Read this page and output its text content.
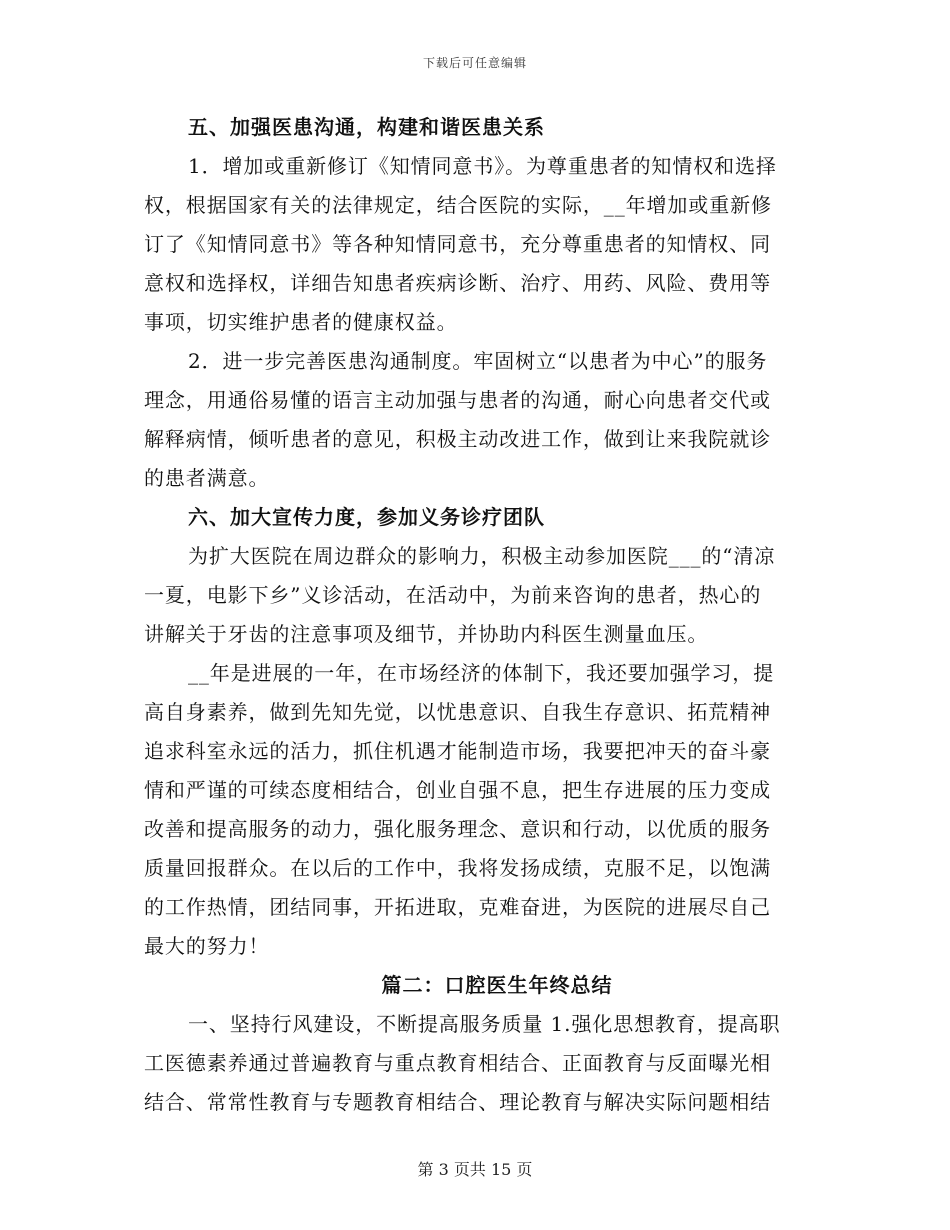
下载后可任意编辑
五、加强医患沟通，构建和谐医患关系
1．增加或重新修订《知情同意书》。为尊重患者的知情权和选择
权，根据国家有关的法律规定，结合医院的实际，__年增加或重新修
订了《知情同意书》等各种知情同意书，充分尊重患者的知情权、同
意权和选择权，详细告知患者疾病诊断、治疗、用药、风险、费用等
事项，切实维护患者的健康权益。
2．进一步完善医患沟通制度。牢固树立“以患者为中心”的服务
理念，用通俗易懂的语言主动加强与患者的沟通，耐心向患者交代或
解释病情，倾听患者的意见，积极主动改进工作，做到让来我院就诊
的患者满意。
六、加大宣传力度，参加义务诊疗团队
为扩大医院在周边群众的影响力，积极主动参加医院___的“清凉
一夏，电影下乡”义诊活动，在活动中，为前来咨询的患者，热心的
讲解关于牙齿的注意事项及细节，并协助内科医生测量血压。
__年是进展的一年，在市场经济的体制下，我还要加强学习，提
高自身素养，做到先知先觉，以忧患意识、自我生存意识、拓荒精神
追求科室永远的活力，抓住机遇才能制造市场，我要把冲天的奋斗豪
情和严谨的可续态度相结合，创业自强不息，把生存进展的压力变成
改善和提高服务的动力，强化服务理念、意识和行动，以优质的服务
质量回报群众。在以后的工作中，我将发扬成绩，克服不足，以饱满
的工作热情，团结同事，开拓进取，克难奋进，为医院的进展尽自己
最大的努力！
篇二：口腔医生年终总结
一、坚持行风建设，不断提高服务质量 1.强化思想教育，提高职
工医德素养通过普遍教育与重点教育相结合、正面教育与反面曝光相
结合、常常性教育与专题教育相结合、理论教育与解决实际问题相结
第 3 页共 15 页
